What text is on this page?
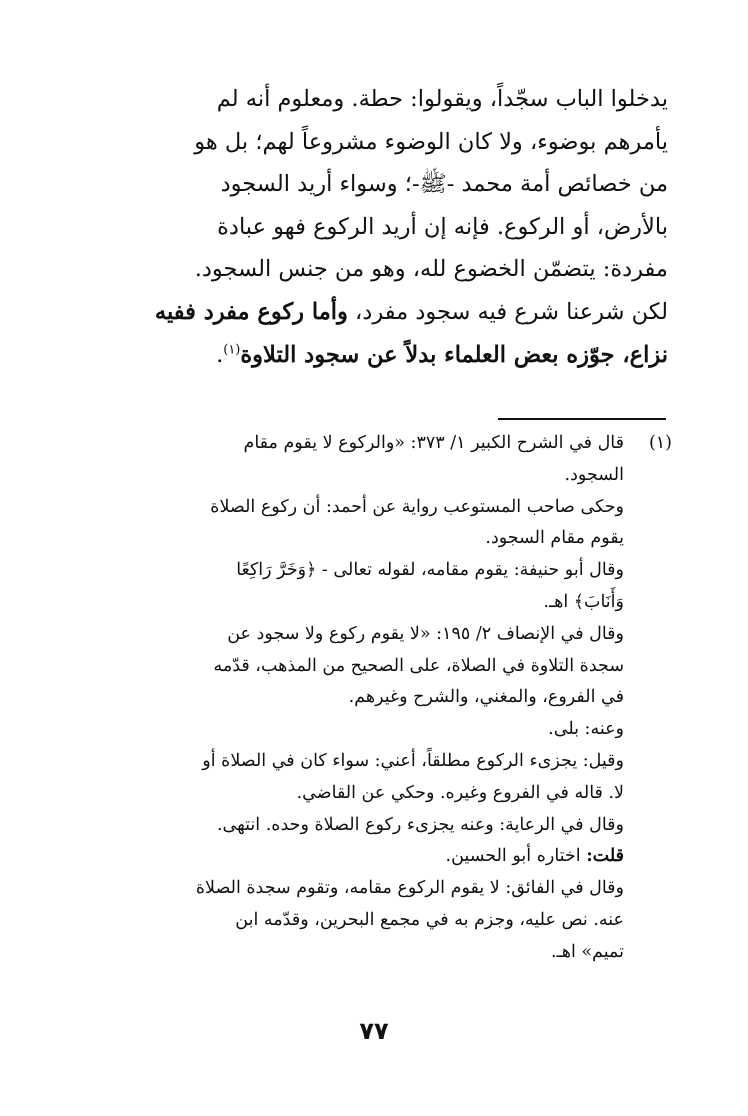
يدخلوا الباب سجّداً، ويقولوا: حطة. ومعلوم أنه لم

يأمرهم بوضوء، ولا كان الوضوء مشروعاً لهم؛ بل هو

من خصائص أمة محمد -ﷺ-؛ وسواء أريد السجود

بالأرض، أو الركوع. فإنه إن أريد الركوع فهو عبادة

مفردة: يتضمّن الخضوع لله، وهو من جنس السجود.

لكن شرعنا شرع فيه سجود مفرد، وأما ركوع مفرد ففيه

نزاع، جوّزه بعض العلماء بدلاً عن سجود التلاوة$^{(١)}$.

(١)

قال في الشرح الكبير ١/ ٣٧٣: «والركوع لا يقوم مقام

السجود.

وحكى صاحب المستوعب رواية عن أحمد: أن ركوع الصلاة

يقوم مقام السجود.

وقال أبو حنيفة: يقوم مقامه، لقوله تعالى - ﴿وَخَرَّ رَاكِعًا

وَأَنَابَ﴾ اهـ.

وقال في الإنصاف ٢/ ١٩٥: «لا يقوم ركوع ولا سجود عن

سجدة التلاوة في الصلاة، على الصحيح من المذهب، قدّمه

في الفروع، والمغني، والشرح وغيرهم.

وعنه: بلى.

وقيل: يجزىء الركوع مطلقاً، أعني: سواء كان في الصلاة أو

لا. قاله في الفروع وغيره. وحكي عن القاضي.

وقال في الرعاية: وعنه يجزىء ركوع الصلاة وحده. انتهى.

قلت: اختاره أبو الحسين.

وقال في الفائق: لا يقوم الركوع مقامه، وتقوم سجدة الصلاة

عنه. نص عليه، وجزم به في مجمع البحرين، وقدّمه ابن

تميم» اهـ.

٧٧
